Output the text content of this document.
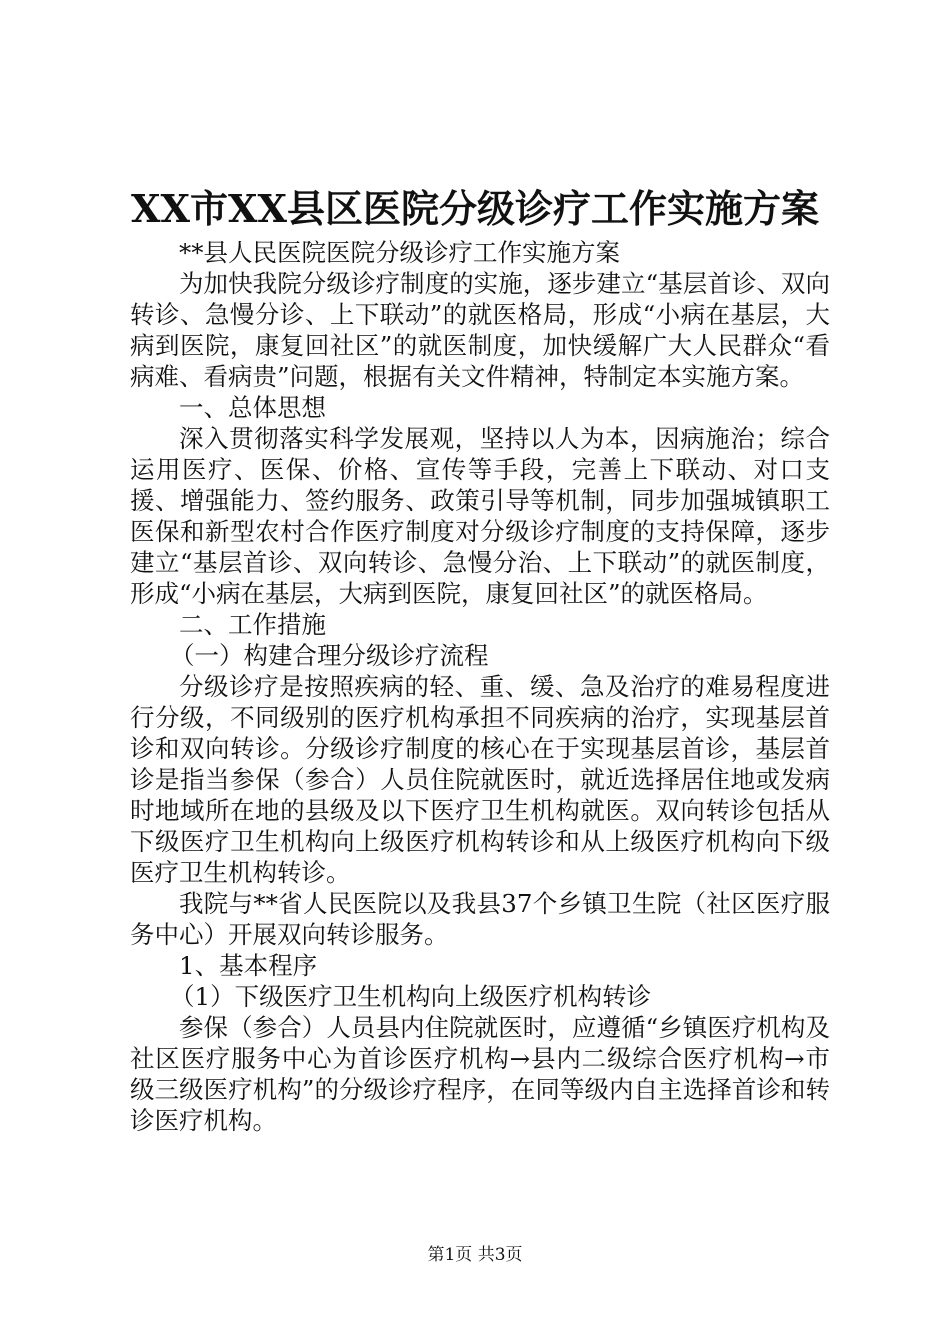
XX市XX县区医院分级诊疗工作实施方案

**县人民医院医院分级诊疗工作实施方案

为加快我院分级诊疗制度的实施，逐步建立“基层首诊、双向转诊、急慢分诊、上下联动”的就医格局，形成“小病在基层，大病到医院，康复回社区”的就医制度，加快缓解广大人民群众“看病难、看病贵”问题，根据有关文件精神，特制定本实施方案。

一、总体思想

深入贯彻落实科学发展观，坚持以人为本，因病施治；综合运用医疗、医保、价格、宣传等手段，完善上下联动、对口支援、增强能力、签约服务、政策引导等机制，同步加强城镇职工医保和新型农村合作医疗制度对分级诊疗制度的支持保障，逐步建立“基层首诊、双向转诊、急慢分治、上下联动”的就医制度，形成“小病在基层，大病到医院，康复回社区”的就医格局。

二、工作措施

（一）构建合理分级诊疗流程

分级诊疗是按照疾病的轻、重、缓、急及治疗的难易程度进行分级，不同级别的医疗机构承担不同疾病的治疗，实现基层首诊和双向转诊。分级诊疗制度的核心在于实现基层首诊，基层首诊是指当参保（参合）人员住院就医时，就近选择居住地或发病时地域所在地的县级及以下医疗卫生机构就医。双向转诊包括从下级医疗卫生机构向上级医疗机构转诊和从上级医疗机构向下级医疗卫生机构转诊。

我院与**省人民医院以及我县37个乡镇卫生院（社区医疗服务中心）开展双向转诊服务。

1、基本程序

（1）下级医疗卫生机构向上级医疗机构转诊

参保（参合）人员县内住院就医时，应遵循“乡镇医疗机构及社区医疗服务中心为首诊医疗机构→县内二级综合医疗机构→市级三级医疗机构”的分级诊疗程序，在同等级内自主选择首诊和转诊医疗机构。

第1页 共3页
